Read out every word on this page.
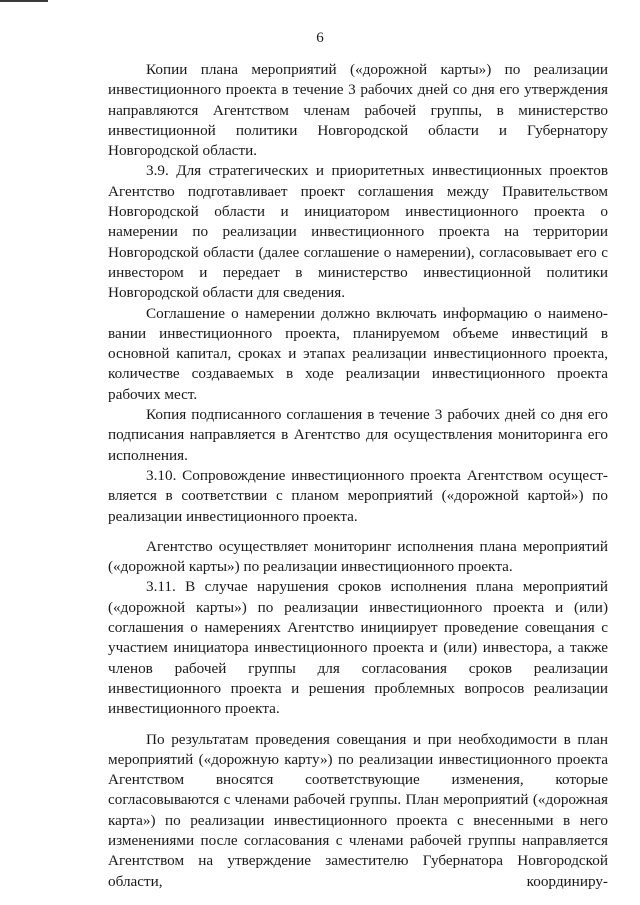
6

Копии плана мероприятий («дорожной карты») по реализации инвестиционного проекта в течение 3 рабочих дней со дня его утверждения направляются Агентством членам рабочей группы, в министерство инвестиционной политики Новгородской области и Губернатору Новгородской области.

3.9. Для стратегических и приоритетных инвестиционных проектов Агентство подготавливает проект соглашения между Правительством Новгородской области и инициатором инвестиционного проекта о намерении по реализации инвестиционного проекта на территории Новгородской области (далее соглашение о намерении), согласовывает его с инвестором и передает в министерство инвестиционной политики Новгородской области для сведения.

Соглашение о намерении должно включать информацию о наимено- вании инвестиционного проекта, планируемом объеме инвестиций в основной капитал, сроках и этапах реализации инвестиционного проекта, количестве создаваемых в ходе реализации инвестиционного проекта рабочих мест.

Копия подписанного соглашения в течение 3 рабочих дней со дня его подписания направляется в Агентство для осуществления мониторинга его исполнения.

3.10. Сопровождение инвестиционного проекта Агентством осущест- вляется в соответствии с планом мероприятий («дорожной картой») по реализации инвестиционного проекта.

Агентство осуществляет мониторинг исполнения плана мероприятий («дорожной карты») по реализации инвестиционного проекта.

3.11. В случае нарушения сроков исполнения плана мероприятий («дорожной карты») по реализации инвестиционного проекта и (или) соглашения о намерениях Агентство инициирует проведение совещания с участием инициатора инвестиционного проекта и (или) инвестора, а также членов рабочей группы для согласования сроков реализации инвестиционного проекта и решения проблемных вопросов реализации инвестиционного проекта.

По результатам проведения совещания и при необходимости в план мероприятий («дорожную карту») по реализации инвестиционного проекта Агентством вносятся соответствующие изменения, которые согласовываются с членами рабочей группы. План мероприятий («дорожная карта») по реализации инвестиционного проекта с внесенными в него изменениями после согласования с членами рабочей группы направляется Агентством на утверждение заместителю Губернатора Новгородской области, координиру-
